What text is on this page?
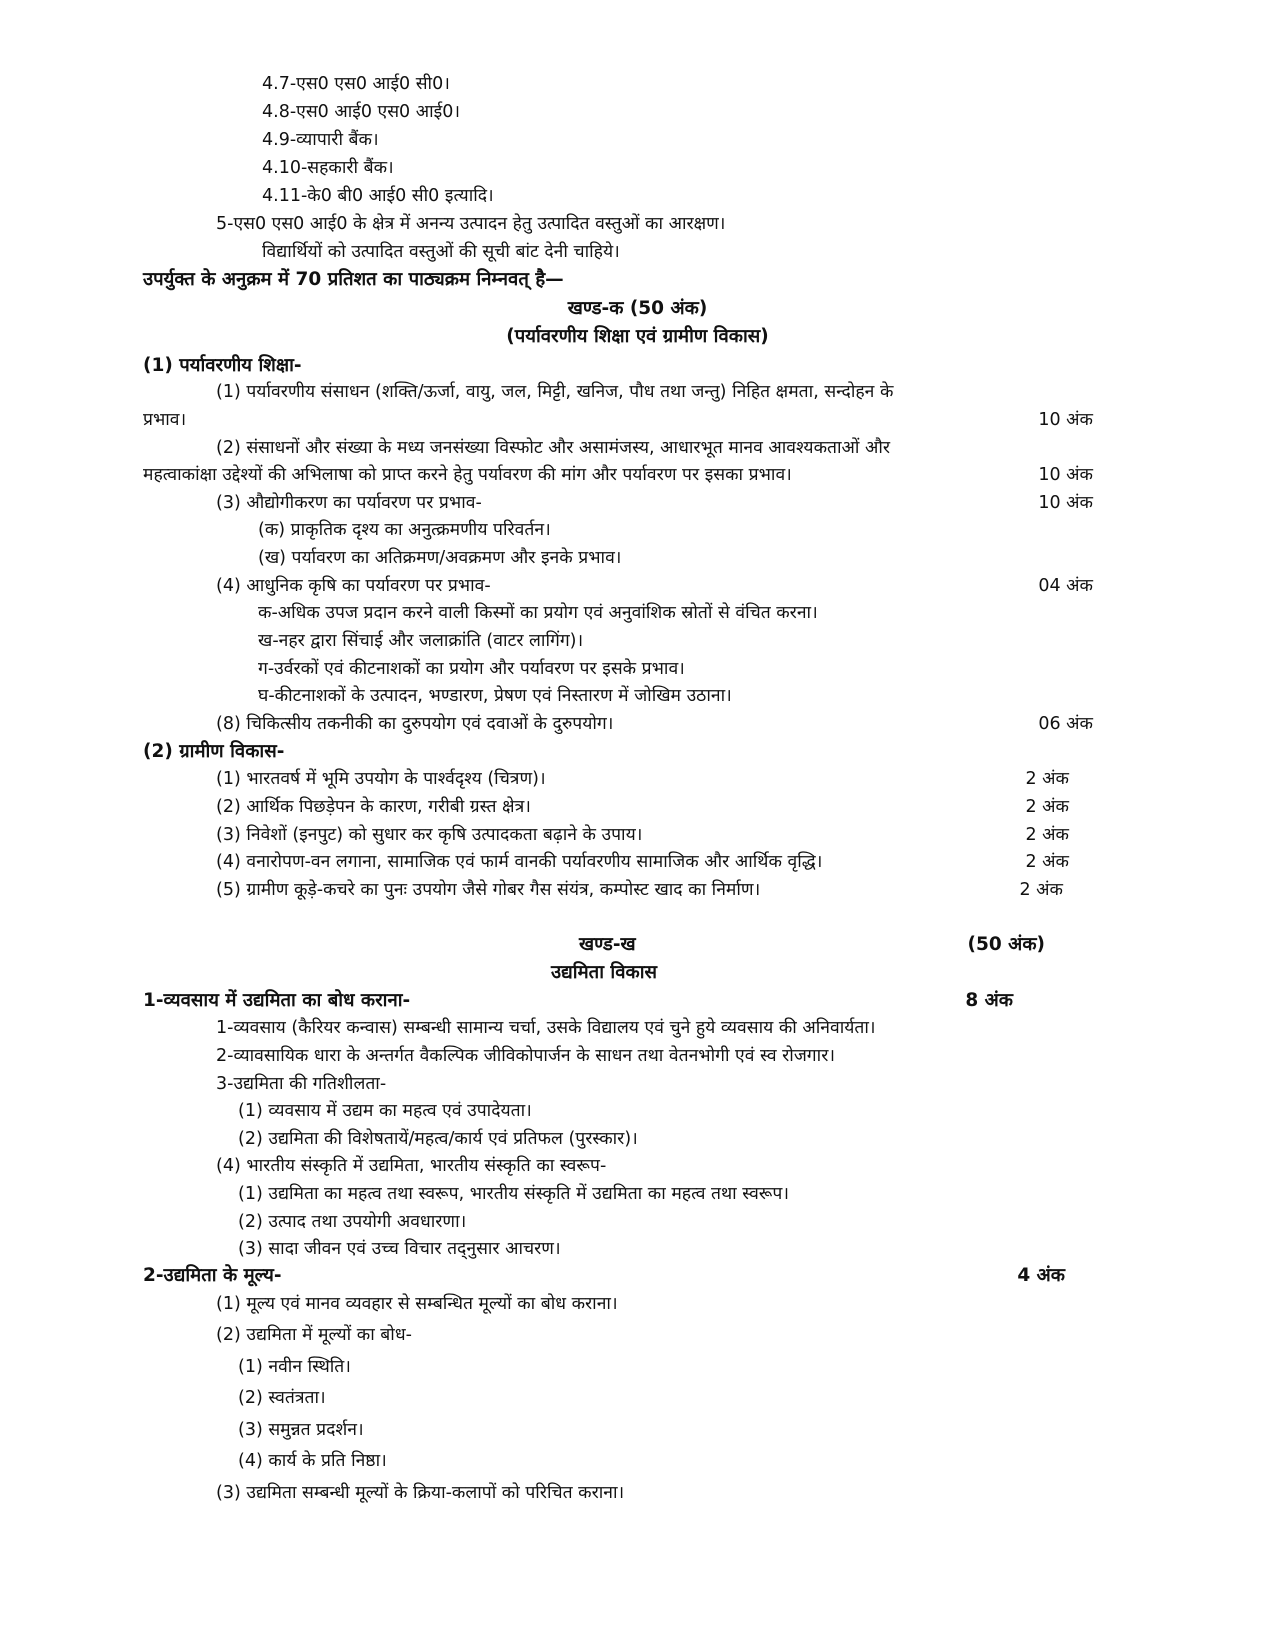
4.7-एस0 एस0 आई0 सी0।
4.8-एस0 आई0 एस0 आई0।
4.9-व्यापारी बैंक।
4.10-सहकारी बैंक।
4.11-के0 बी0 आई0 सी0 इत्यादि।
5-एस0 एस0 आई0 के क्षेत्र में अनन्य उत्पादन हेतु उत्पादित वस्तुओं का आरक्षण।
विद्यार्थियों को उत्पादित वस्तुओं की सूची बांट देनी चाहिये।
उपर्युक्त के अनुक्रम में 70 प्रतिशत का पाठ्यक्रम निम्नवत् है—
खण्ड-क (50 अंक)
(पर्यावरणीय शिक्षा एवं ग्रामीण विकास)
(1) पर्यावरणीय शिक्षा-
(1) पर्यावरणीय संसाधन (शक्ति/ऊर्जा, वायु, जल, मिट्टी, खनिज, पौध तथा जन्तु) निहित क्षमता, सन्दोहन के
प्रभाव।	10 अंक
(2) संसाधनों और संख्या के मध्य जनसंख्या विस्फोट और असामंजस्य, आधारभूत मानव आवश्यकताओं और
महत्वाकांक्षा उद्देश्यों की अभिलाषा को प्राप्त करने हेतु पर्यावरण की मांग और पर्यावरण पर इसका प्रभाव।	10 अंक
(3) औद्योगीकरण का पर्यावरण पर प्रभाव-	10 अंक
(क) प्राकृतिक दृश्य का अनुत्क्रमणीय परिवर्तन।
(ख) पर्यावरण का अतिक्रमण/अवक्रमण और इनके प्रभाव।
(4) आधुनिक कृषि का पर्यावरण पर प्रभाव-	04 अंक
क-अधिक उपज प्रदान करने वाली किस्मों का प्रयोग एवं अनुवांशिक स्रोतों से वंचित करना।
ख-नहर द्वारा सिंचाई और जलाक्रांति (वाटर लागिंग)।
ग-उर्वरकों एवं कीटनाशकों का प्रयोग और पर्यावरण पर इसके प्रभाव।
घ-कीटनाशकों के उत्पादन, भण्डारण, प्रेषण एवं निस्तारण में जोखिम उठाना।
(8) चिकित्सीय तकनीकी का दुरुपयोग एवं दवाओं के दुरुपयोग।	06 अंक
(2) ग्रामीण विकास-
(1) भारतवर्ष में भूमि उपयोग के पार्श्वदृश्य (चित्रण)।	2 अंक
(2) आर्थिक पिछड़ेपन के कारण, गरीबी ग्रस्त क्षेत्र।	2 अंक
(3) निवेशों (इनपुट) को सुधार कर कृषि उत्पादकता बढ़ाने के उपाय।	2 अंक
(4) वनारोपण-वन लगाना, सामाजिक एवं फार्म वानकी पर्यावरणीय सामाजिक और आर्थिक वृद्धि।	2 अंक
(5) ग्रामीण कूड़े-कचरे का पुनः उपयोग जैसे गोबर गैस संयंत्र, कम्पोस्ट खाद का निर्माण।	2 अंक
खण्ड-ख	(50 अंक)
उद्यमिता विकास
1-व्यवसाय में उद्यमिता का बोध कराना-	8 अंक
1-व्यवसाय (कैरियर कन्वास) सम्बन्धी सामान्य चर्चा, उसके विद्यालय एवं चुने हुये व्यवसाय की अनिवार्यता।
2-व्यावसायिक धारा के अन्तर्गत वैकल्पिक जीविकोपार्जन के साधन तथा वेतनभोगी एवं स्व रोजगार।
3-उद्यमिता की गतिशीलता-
(1) व्यवसाय में उद्यम का महत्व एवं उपादेयता।
(2) उद्यमिता की विशेषतायें/महत्व/कार्य एवं प्रतिफल (पुरस्कार)।
(4) भारतीय संस्कृति में उद्यमिता, भारतीय संस्कृति का स्वरूप-
(1) उद्यमिता का महत्व तथा स्वरूप, भारतीय संस्कृति में उद्यमिता का महत्व तथा स्वरूप।
(2) उत्पाद तथा उपयोगी अवधारणा।
(3) सादा जीवन एवं उच्च विचार तद्नुसार आचरण।
2-उद्यमिता के मूल्य-	4 अंक
(1) मूल्य एवं मानव व्यवहार से सम्बन्धित मूल्यों का बोध कराना।
(2) उद्यमिता में मूल्यों का बोध-
(1) नवीन स्थिति।
(2) स्वतंत्रता।
(3) समुन्नत प्रदर्शन।
(4) कार्य के प्रति निष्ठा।
(3) उद्यमिता सम्बन्धी मूल्यों के क्रिया-कलापों को परिचित कराना।
